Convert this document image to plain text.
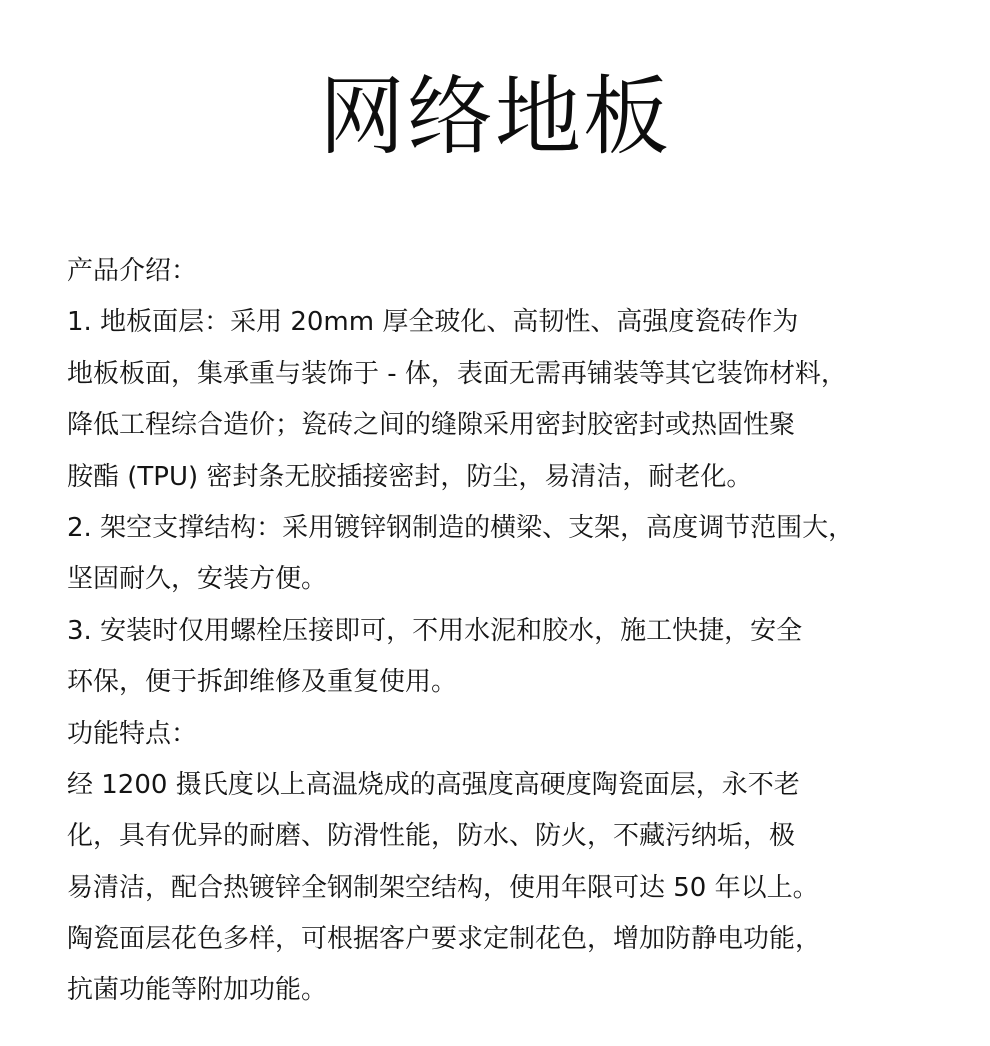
网络地板
产品介绍：
1. 地板面层：采用 20mm 厚全玻化、高韧性、高强度瓷砖作为
地板板面，集承重与装饰于 - 体，表面无需再铺装等其它装饰材料，
降低工程综合造价；瓷砖之间的缝隙采用密封胶密封或热固性聚
胺酯 (TPU) 密封条无胶插接密封，防尘，易清洁，耐老化。
2. 架空支撑结构：采用镀锌钢制造的横梁、支架，高度调节范围大，
坚固耐久，安装方便。
3. 安装时仅用螺栓压接即可，不用水泥和胶水，施工快捷，安全
环保，便于拆卸维修及重复使用。
功能特点：
经 1200 摄氏度以上高温烧成的高强度高硬度陶瓷面层，永不老
化，具有优异的耐磨、防滑性能，防水、防火，不藏污纳垢，极
易清洁，配合热镀锌全钢制架空结构，使用年限可达 50 年以上。
陶瓷面层花色多样，可根据客户要求定制花色，增加防静电功能，
抗菌功能等附加功能。
